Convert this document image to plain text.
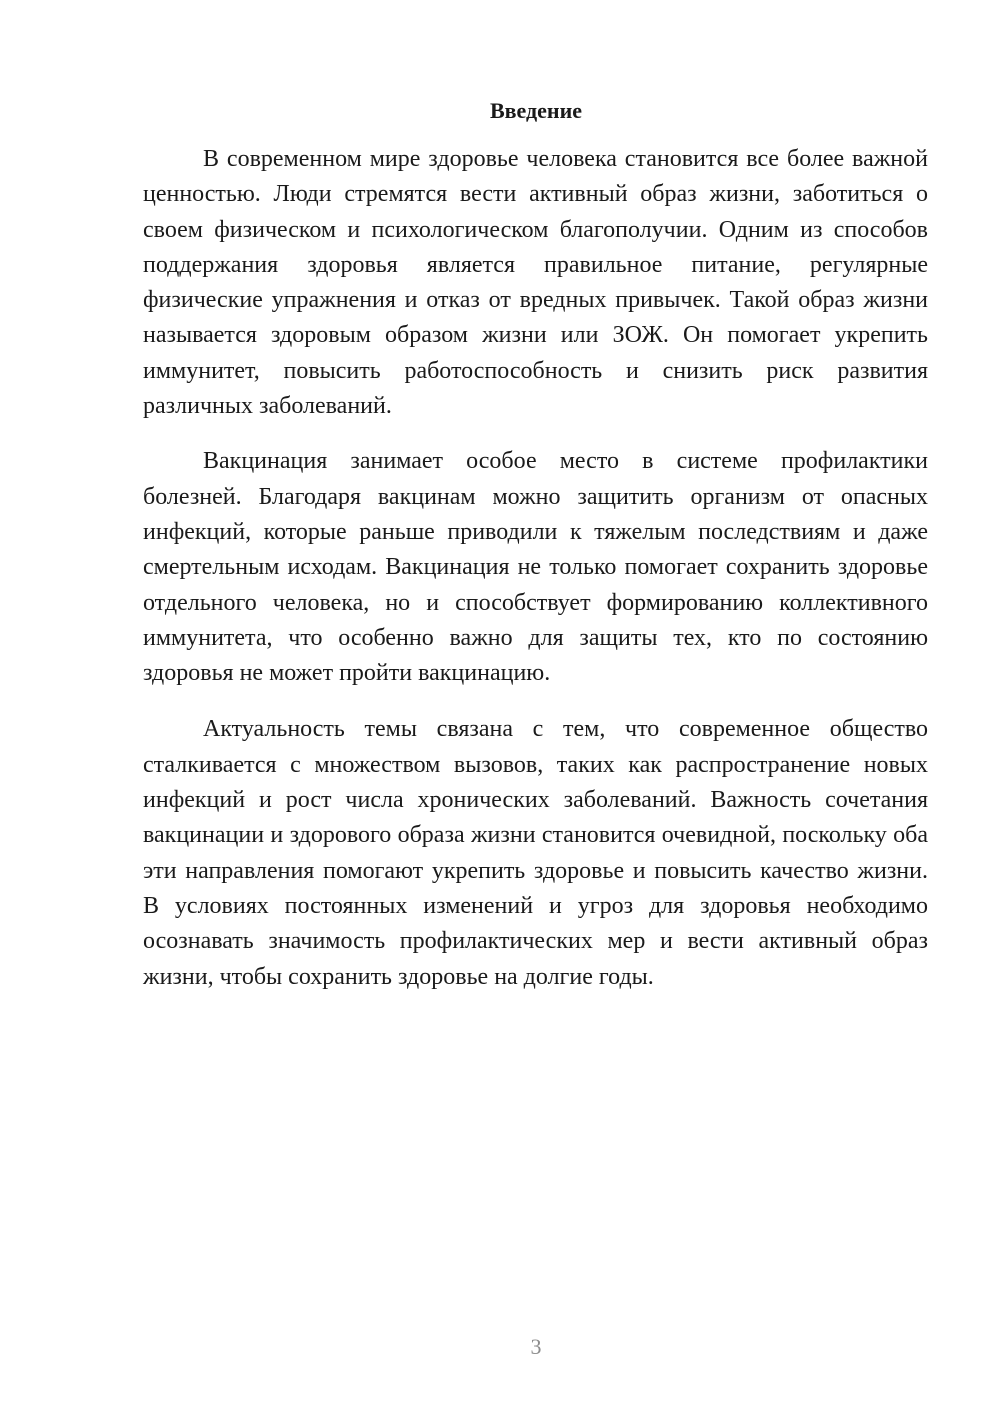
Введение

В современном мире здоровье человека становится все более важной ценностью. Люди стремятся вести активный образ жизни, заботиться о своем физическом и психологическом благополучии. Одним из способов поддержания здоровья является правильное питание, регулярные физические упражнения и отказ от вредных привычек. Такой образ жизни называется здоровым образом жизни или ЗОЖ. Он помогает укрепить иммунитет, повысить работоспособность и снизить риск развития различных заболеваний.

Вакцинация занимает особое место в системе профилактики болезней. Благодаря вакцинам можно защитить организм от опасных инфекций, которые раньше приводили к тяжелым последствиям и даже смертельным исходам. Вакцинация не только помогает сохранить здоровье отдельного человека, но и способствует формированию коллективного иммунитета, что особенно важно для защиты тех, кто по состоянию здоровья не может пройти вакцинацию.

Актуальность темы связана с тем, что современное общество сталкивается с множеством вызовов, таких как распространение новых инфекций и рост числа хронических заболеваний. Важность сочетания вакцинации и здорового образа жизни становится очевидной, поскольку оба эти направления помогают укрепить здоровье и повысить качество жизни. В условиях постоянных изменений и угроз для здоровья необходимо осознавать значимость профилактических мер и вести активный образ жизни, чтобы сохранить здоровье на долгие годы.

3
